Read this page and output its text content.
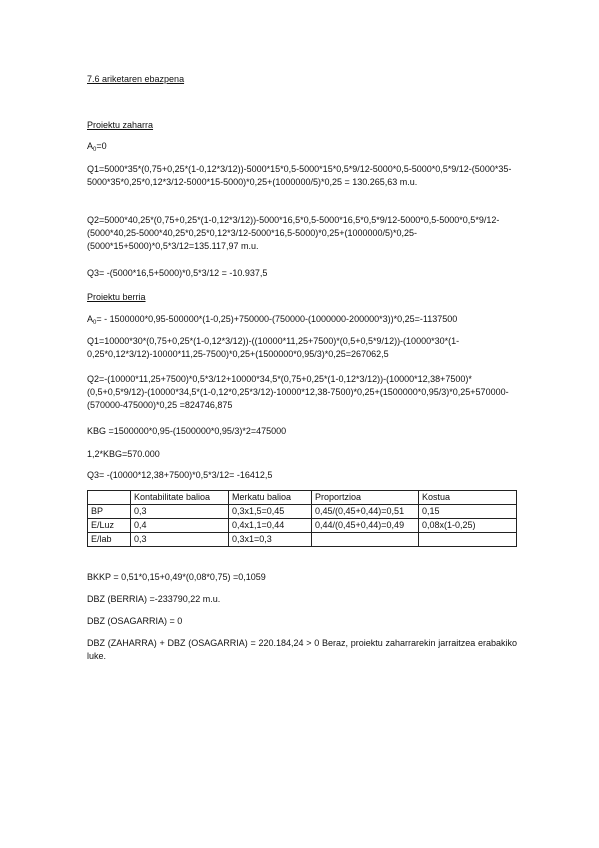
7.6 ariketaren ebazpena

Proiektu zaharra

$A_0=0$

Q1=5000*35*(0,75+0,25*(1-0,12*3/12))-5000*15*0,5-5000*15*0,5*9/12-5000*0,5-5000*0,5*9/12-(5000*35-5000*35*0,25*0,12*3/12-5000*15-5000)*0,25+(1000000/5)*0,25 = 130.265,63 m.u.

Q2=5000*40,25*(0,75+0,25*(1-0,12*3/12))-5000*16,5*0,5-5000*16,5*0,5*9/12-5000*0,5-5000*0,5*9/12-(5000*40,25-5000*40,25*0,25*0,12*3/12-5000*16,5-5000)*0,25+(1000000/5)*0,25-(5000*15+5000)*0,5*3/12=135.117,97 m.u.

Q3= -(5000*16,5+5000)*0,5*3/12 = -10.937,5

Proiektu berria

$A_0= - 1500000*0,95-500000*(1-0,25)+750000-(750000-(1000000-200000*3))*0,25=-1137500$

Q1=10000*30*(0,75+0,25*(1-0,12*3/12))-((10000*11,25+7500)*(0,5+0,5*9/12))-(10000*30*(1-0,25*0,12*3/12)-10000*11,25-7500)*0,25+(1500000*0,95/3)*0,25=267062,5

Q2=-(10000*11,25+7500)*0,5*3/12+10000*34,5*(0,75+0,25*(1-0,12*3/12))-(10000*12,38+7500)*(0,5+0,5*9/12)-(10000*34,5*(1-0,12*0,25*3/12)-10000*12,38-7500)*0,25+(1500000*0,95/3)*0,25+570000-(570000-475000)*0,25 =824746,875

KBG =1500000*0,95-(1500000*0,95/3)*2=475000

1,2*KBG=570.000

Q3= -(10000*12,38+7500)*0,5*3/12= -16412,5

	Kontabilitate balioa	Merkatu balioa	Proportzioa	Kostua
BP	0,3	0,3x1,5=0,45	0,45/(0,45+0,44)=0,51	0,15
E/Luz	0,4	0,4x1,1=0,44	0,44/(0,45+0,44)=0,49	0,08x(1-0,25)
E/lab	0,3	0,3x1=0,3		

BKKP = 0,51*0,15+0,49*(0,08*0,75) =0,1059

DBZ (BERRIA) =-233790,22 m.u.

DBZ (OSAGARRIA) = 0

DBZ (ZAHARRA) + DBZ (OSAGARRIA) = 220.184,24 > 0 Beraz, proiektu zaharrarekin jarraitzea erabakiko luke.
